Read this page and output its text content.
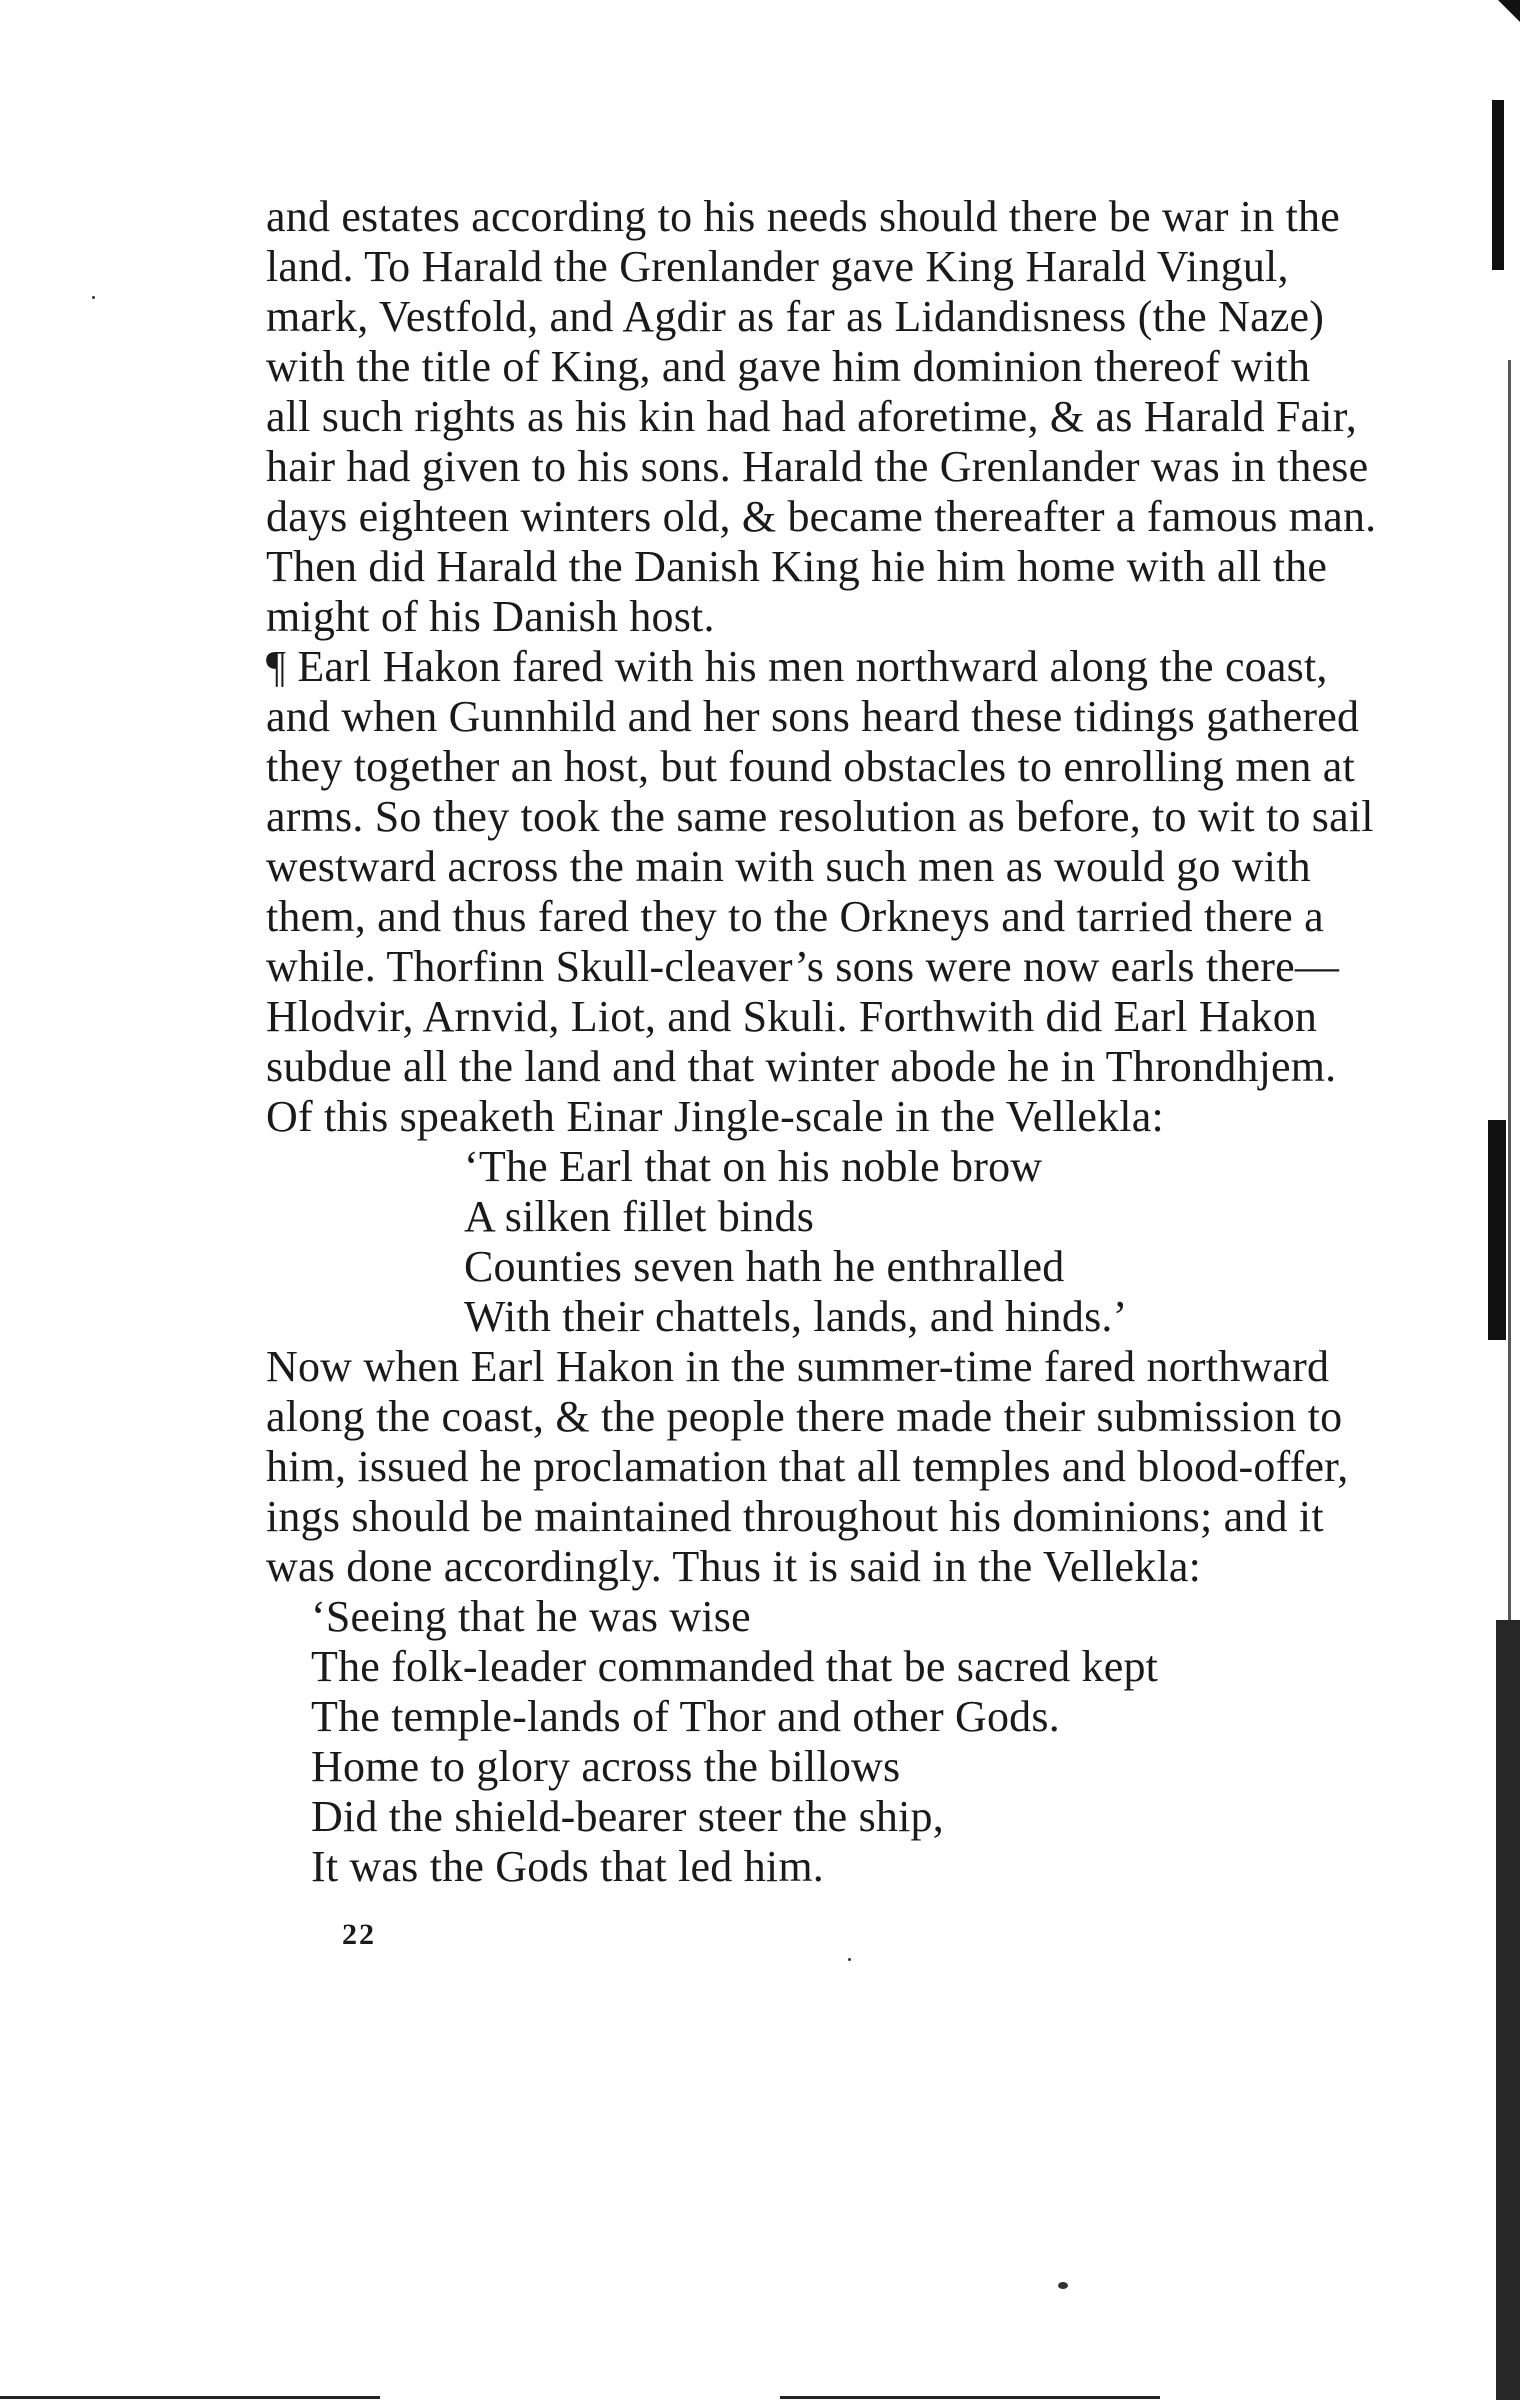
and estates according to his needs should there be war in the
land. To Harald the Grenlander gave King Harald Vingul,
mark, Vestfold, and Agdir as far as Lidandisness (the Naze)
with the title of King, and gave him dominion thereof with
all such rights as his kin had had aforetime, & as Harald Fair,
hair had given to his sons. Harald the Grenlander was in these
days eighteen winters old, & became thereafter a famous man.
Then did Harald the Danish King hie him home with all the
might of his Danish host.
¶ Earl Hakon fared with his men northward along the coast,
and when Gunnhild and her sons heard these tidings gathered
they together an host, but found obstacles to enrolling men at
arms. So they took the same resolution as before, to wit to sail
westward across the main with such men as would go with
them, and thus fared they to the Orkneys and tarried there a
while. Thorfinn Skull-cleaver’s sons were now earls there—
Hlodvir, Arnvid, Liot, and Skuli. Forthwith did Earl Hakon
subdue all the land and that winter abode he in Throndhjem.
Of this speaketh Einar Jingle-scale in the Vellekla:
‘The Earl that on his noble brow
A silken fillet binds
Counties seven hath he enthralled
With their chattels, lands, and hinds.’
Now when Earl Hakon in the summer-time fared northward
along the coast, & the people there made their submission to
him, issued he proclamation that all temples and blood-offer,
ings should be maintained throughout his dominions; and it
was done accordingly. Thus it is said in the Vellekla:
‘Seeing that he was wise
The folk-leader commanded that be sacred kept
The temple-lands of Thor and other Gods.
Home to glory across the billows
Did the shield-bearer steer the ship,
It was the Gods that led him.
22
